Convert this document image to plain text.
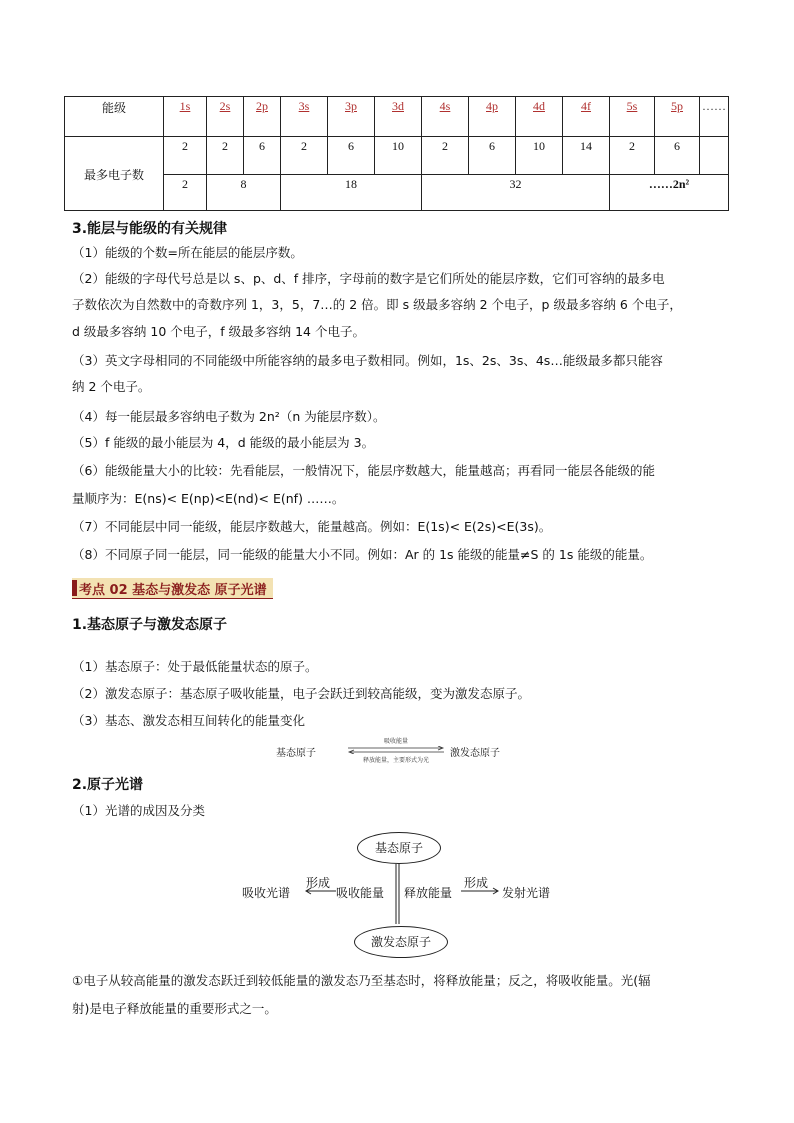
能级	1s	2s	2p	3s	3p	3d	4s	4p	4d	4f	5s	5p	……
最多电子数	2	2	6	2	6	10	2	6	10	14	2	6	
	2	8		18			32				……2n²		
3.能层与能级的有关规律
（1）能级的个数=所在能层的能层序数。
（2）能级的字母代号总是以 s、p、d、f 排序，字母前的数字是它们所处的能层序数，它们可容纳的最多电
子数依次为自然数中的奇数序列 1，3，5，7…的 2 倍。即 s 级最多容纳 2 个电子，p 级最多容纳 6 个电子，
d 级最多容纳 10 个电子，f 级最多容纳 14 个电子。
（3）英文字母相同的不同能级中所能容纳的最多电子数相同。例如，1s、2s、3s、4s…能级最多都只能容
纳 2 个电子。
（4）每一能层最多容纳电子数为 2n²（n 为能层序数）。
（5）f 能级的最小能层为 4，d 能级的最小能层为 3。
（6）能级能量大小的比较：先看能层，一般情况下，能层序数越大，能量越高；再看同一能层各能级的能
量顺序为：E(ns)< E(np)<E(nd)< E(nf) ……。
（7）不同能层中同一能级，能层序数越大，能量越高。例如：E(1s)< E(2s)<E(3s)。
（8）不同原子同一能层，同一能级的能量大小不同。例如：Ar 的 1s 能级的能量≠S 的 1s 能级的能量。
考点 02 基态与激发态 原子光谱
1.基态原子与激发态原子
（1）基态原子：处于最低能量状态的原子。
（2）激发态原子：基态原子吸收能量，电子会跃迁到较高能级，变为激发态原子。
（3）基态、激发态相互间转化的能量变化
基态原子
吸收能量
释放能量，主要形式为光
激发态原子
2.原子光谱
（1）光谱的成因及分类
基态原子
激发态原子
吸收光谱
形成
吸收能量 释放能量
形成
发射光谱
①电子从较高能量的激发态跃迁到较低能量的激发态乃至基态时，将释放能量；反之，将吸收能量。光(辐
射)是电子释放能量的重要形式之一。
